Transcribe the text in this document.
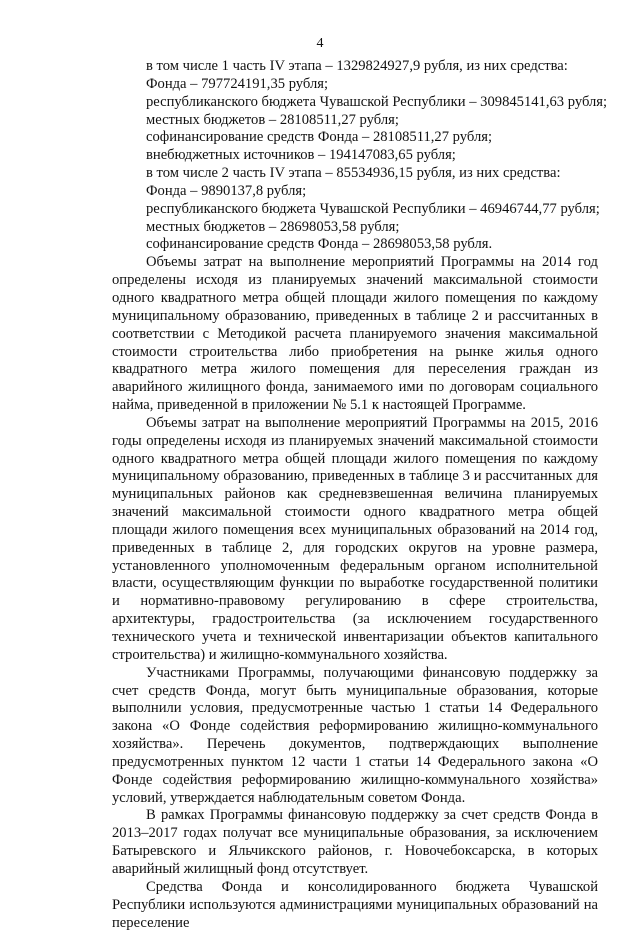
4

в том числе 1 часть IV этапа – 1329824927,9 рубля, из них средства:

Фонда – 797724191,35 рубля;

республиканского бюджета Чувашской Республики – 309845141,63 рубля;

местных бюджетов – 28108511,27 рубля;

софинансирование средств Фонда – 28108511,27 рубля;

внебюджетных источников – 194147083,65 рубля;

в том числе 2 часть IV этапа – 85534936,15 рубля, из них средства:

Фонда – 9890137,8 рубля;

республиканского бюджета Чувашской Республики – 46946744,77 рубля;

местных бюджетов – 28698053,58 рубля;

софинансирование средств Фонда – 28698053,58 рубля.

Объемы затрат на выполнение мероприятий Программы на 2014 год определены исходя из планируемых значений максимальной стоимости одного квадратного метра общей площади жилого помещения по каждому муниципальному образованию, приведенных в таблице 2 и рассчитанных в соответствии с Методикой расчета планируемого значения максимальной стоимости строительства либо приобретения на рынке жилья одного квадратного метра жилого помещения для переселения граждан из аварийного жилищного фонда, занимаемого ими по договорам социального найма, приведенной в приложении № 5.1 к настоящей Программе.

Объемы затрат на выполнение мероприятий Программы на 2015, 2016 годы определены исходя из планируемых значений максимальной стоимости одного квадратного метра общей площади жилого помещения по каждому муниципальному образованию, приведенных в таблице 3 и рассчитанных для муниципальных районов как средневзвешенная величина планируемых значений максимальной стоимости одного квадратного метра общей площади жилого помещения всех муниципальных образований на 2014 год, приведенных в таблице 2, для городских округов на уровне размера, установленного уполномоченным федеральным органом исполнительной власти, осуществляющим функции по выработке государственной политики и нормативно-правовому регулированию в сфере строительства, архитектуры, градостроительства (за исключением государственного технического учета и технической инвентаризации объектов капитального строительства) и жилищно-коммунального хозяйства.

Участниками Программы, получающими финансовую поддержку за счет средств Фонда, могут быть муниципальные образования, которые выполнили условия, предусмотренные частью 1 статьи 14 Федерального закона «О Фонде содействия реформированию жилищно-коммунального хозяйства». Перечень документов, подтверждающих выполнение предусмотренных пунктом 12 части 1 статьи 14 Федерального закона «О Фонде содействия реформированию жилищно-коммунального хозяйства» условий, утверждается наблюдательным советом Фонда.

В рамках Программы финансовую поддержку за счет средств Фонда в 2013–2017 годах получат все муниципальные образования, за исключением Батыревского и Яльчикского районов, г. Новочебоксарска, в которых аварийный жилищный фонд отсутствует.

Средства Фонда и консолидированного бюджета Чувашской Республики используются администрациями муниципальных образований на переселение
